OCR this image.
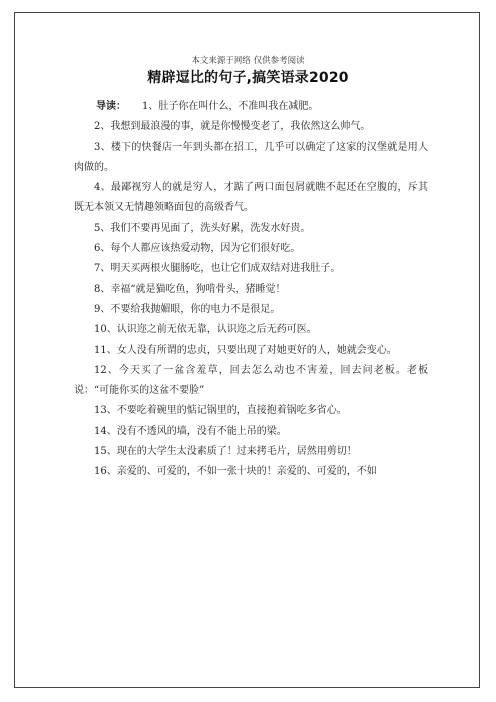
本文来源于网络 仅供参考阅读
精辟逗比的句子,搞笑语录2020

导读： 1、肚子你在叫什么，不准叫我在减肥。

2、我想到最浪漫的事，就是你慢慢变老了，我依然这么帅气。

3、楼下的快餐店一年到头都在招工，几乎可以确定了这家的汉堡就是用人肉做的。

4、最鄙视穷人的就是穷人，才踮了两口面包屑就瞧不起还在空腹的，斥其既无本领又无情趣领略面包的高级香气。

5、我们不要再见面了，洗头好累，洗发水好贵。

6、每个人都应该热爱动物，因为它们很好吃。

7、明天买两根火腿肠吃，也让它们成双结对进我肚子。

8、幸福“就是猫吃鱼，狗啃骨头，猪睡觉！

9、不要给我抛媚眼，你的电力不是很足。

10、认识迩之前无依无靠，认识迩之后无药可医。

11、女人没有所谓的忠贞，只要出现了对她更好的人，她就会变心。

12、今天买了一盆含羞草，回去怎么动也不害羞，回去问老板。老板说：“可能你买的这盆不要脸”

13、不要吃着碗里的惦记锅里的，直接抱着锅吃多省心。

14、没有不透风的墙，没有不能上吊的梁。

15、现在的大学生太没素质了！过来拷毛片，居然用剪切！

16、亲爱的、可爱的，不如一张十块的！亲爱的、可爱的，不如
